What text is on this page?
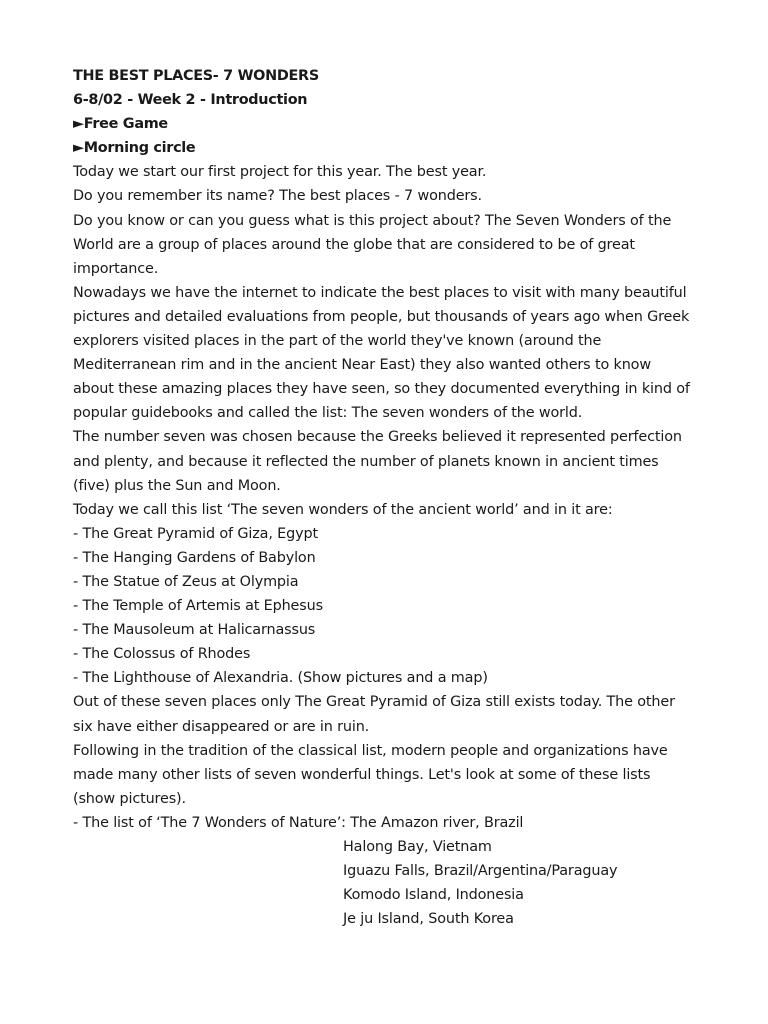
THE BEST PLACES- 7 WONDERS
6-8/02 - Week 2 - Introduction
►Free Game
►Morning circle
Today we start our first project for this year. The best year.
Do you remember its name? The best places - 7 wonders.
Do you know or can you guess what is this project about? The Seven Wonders of the
World are a group of places around the globe that are considered to be of great
importance.
Nowadays we have the internet to indicate the best places to visit with many beautiful
pictures and detailed evaluations from people, but thousands of years ago when Greek
explorers visited places in the part of the world they've known (around the
Mediterranean rim and in the ancient Near East) they also wanted others to know
about these amazing places they have seen, so they documented everything in kind of
popular guidebooks and called the list: The seven wonders of the world.
The number seven was chosen because the Greeks believed it represented perfection
and plenty, and because it reflected the number of planets known in ancient times
(five) plus the Sun and Moon.
Today we call this list ‘The seven wonders of the ancient world’ and in it are:
- The Great Pyramid of Giza, Egypt
- The Hanging Gardens of Babylon
- The Statue of Zeus at Olympia
- The Temple of Artemis at Ephesus
- The Mausoleum at Halicarnassus
- The Colossus of Rhodes
- The Lighthouse of Alexandria. (Show pictures and a map)
Out of these seven places only The Great Pyramid of Giza still exists today. The other
six have either disappeared or are in ruin.
Following in the tradition of the classical list, modern people and organizations have
made many other lists of seven wonderful things. Let's look at some of these lists
(show pictures).
- The list of ‘The 7 Wonders of Nature’: The Amazon river, Brazil
Halong Bay, Vietnam
Iguazu Falls, Brazil/Argentina/Paraguay
Komodo Island, Indonesia
Je ju Island, South Korea
